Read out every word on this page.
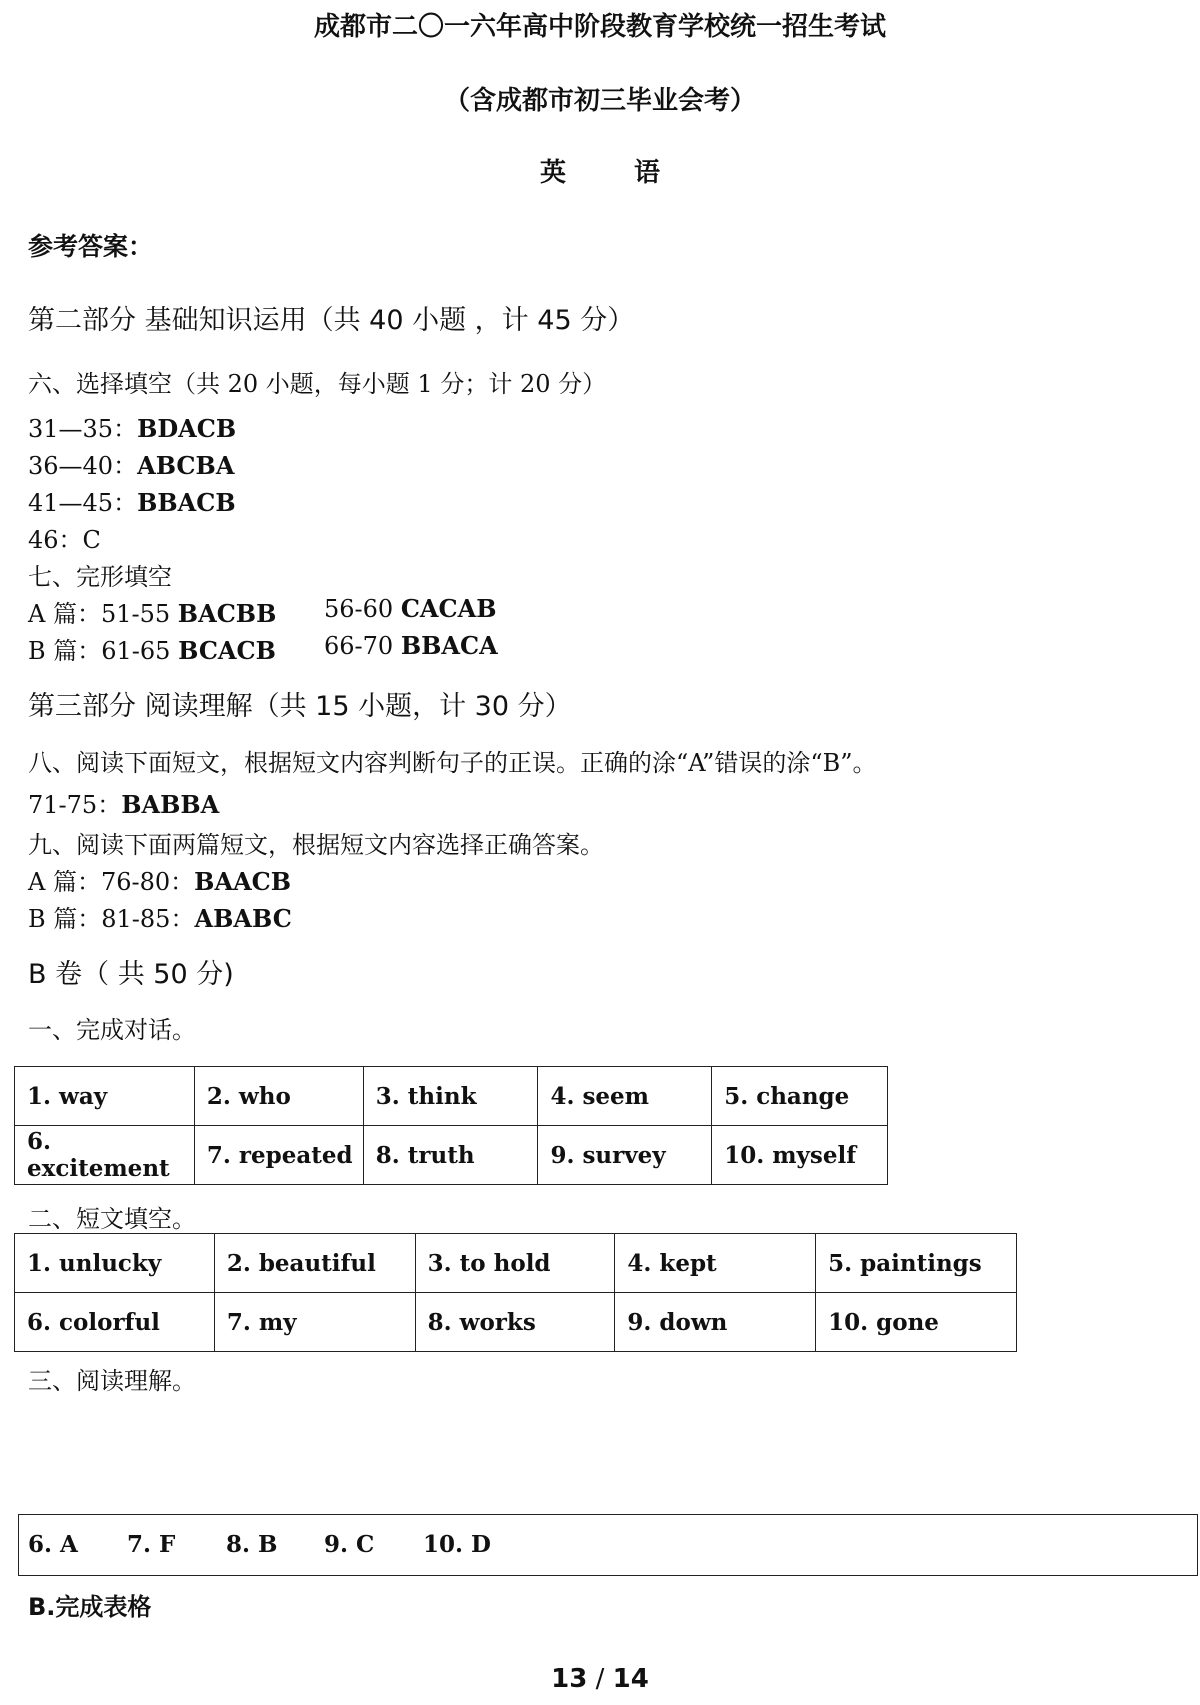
成都市二〇一六年高中阶段教育学校统一招生考试
（含成都市初三毕业会考）
英	语
参考答案：
第二部分 基础知识运用（共 40 小题 ，计 45 分）
六、选择填空（共 20 小题，每小题 1 分；计 20 分）
31—35：BDACB
36—40：ABCBA
41—45：BBACB
46：C
七、完形填空
A 篇：51-55 BACBB 56-60 CACAB
B 篇：61-65 BCACB 66-70 BBACA
第三部分 阅读理解（共 15 小题，计 30 分）
八、阅读下面短文，根据短文内容判断句子的正误。正确的涂“A”错误的涂“B”。
71-75：BABBA
九、阅读下面两篇短文，根据短文内容选择正确答案。
A 篇：76-80：BAACB
B 篇：81-85：ABABC
B 卷（ 共 50 分)
一、完成对话。
1. way	2. who	3. think	4. seem	5. change
6. excitement	7. repeated	8. truth	9. survey	10. myself
二、短文填空。
1. unlucky	2. beautiful	3. to hold	4. kept	5. paintings
6. colorful	7. my	8. works	9. down	10. gone
三、阅读理解。
6. A 7. F 8. B 9. C 10. D
B.完成表格
13 / 14
